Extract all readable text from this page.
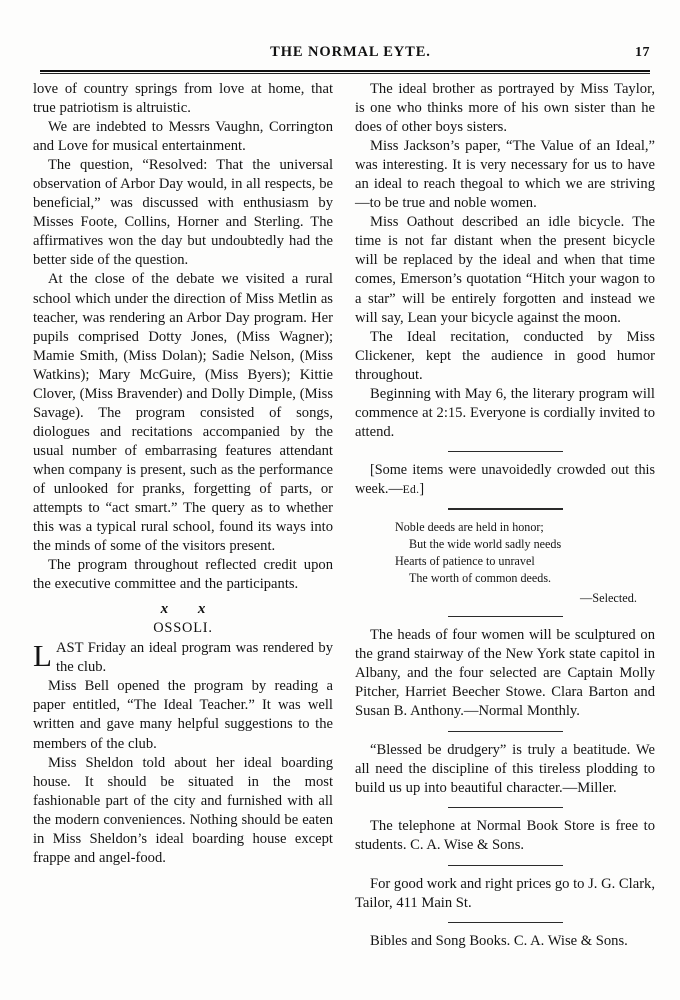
THE NORMAL EYTE.	17

love of country springs from love at home, that true patriotism is altruistic.

We are indebted to Messrs Vaughn, Corrington and Love for musical entertainment.

The question, “Resolved: That the universal observation of Arbor Day would, in all respects, be beneficial,” was discussed with enthusiasm by Misses Foote, Collins, Horner and Sterling. The affirmatives won the day but undoubtedly had the better side of the question.

At the close of the debate we visited a rural school which under the direction of Miss Metlin as teacher, was rendering an Arbor Day program. Her pupils comprised Dotty Jones, (Miss Wagner); Mamie Smith, (Miss Dolan); Sadie Nelson, (Miss Watkins); Mary McGuire, (Miss Byers); Kittie Clover, (Miss Bravender) and Dolly Dimple, (Miss Savage). The program consisted of songs, diologues and recitations accompanied by the usual number of embarrasing features attendant when company is present, such as the performance of unlooked for pranks, forgetting of parts, or attempts to “act smart.” The query as to whether this was a typical rural school, found its ways into the minds of some of the visitors present.

The program throughout reflected credit upon the executive committee and the participants.

x x
OSSOLI.

LAST Friday an ideal program was rendered by the club.

Miss Bell opened the program by reading a paper entitled, “The Ideal Teacher.” It was well written and gave many helpful suggestions to the members of the club.

Miss Sheldon told about her ideal boarding house. It should be situated in the most fashionable part of the city and furnished with all the modern conveniences. Nothing should be eaten in Miss Sheldon’s ideal boarding house except frappe and angel-food.

The ideal brother as portrayed by Miss Taylor, is one who thinks more of his own sister than he does of other boys sisters.

Miss Jackson’s paper, “The Value of an Ideal,” was interesting. It is very necessary for us to have an ideal to reach thegoal to which we are striving—to be true and noble women.

Miss Oathout described an idle bicycle. The time is not far distant when the present bicycle will be replaced by the ideal and when that time comes, Emerson’s quotation “Hitch your wagon to a star” will be entirely forgotten and instead we will say, Lean your bicycle against the moon.

The Ideal recitation, conducted by Miss Clickener, kept the audience in good humor throughout.

Beginning with May 6, the literary program will commence at 2:15. Everyone is cordially invited to attend.

[Some items were unavoidedly crowded out this week.—Ed.]

Noble deeds are held in honor;
But the wide world sadly needs
Hearts of patience to unravel
The worth of common deeds.
—Selected.

The heads of four women will be sculptured on the grand stairway of the New York state capitol in Albany, and the four selected are Captain Molly Pitcher, Harriet Beecher Stowe. Clara Barton and Susan B. Anthony.—Normal Monthly.

“Blessed be drudgery” is truly a beatitude. We all need the discipline of this tireless plodding to build us up into beautiful character.—Miller.

The telephone at Normal Book Store is free to students. C. A. Wise & Sons.

For good work and right prices go to J. G. Clark, Tailor, 411 Main St.

Bibles and Song Books. C. A. Wise & Sons.
